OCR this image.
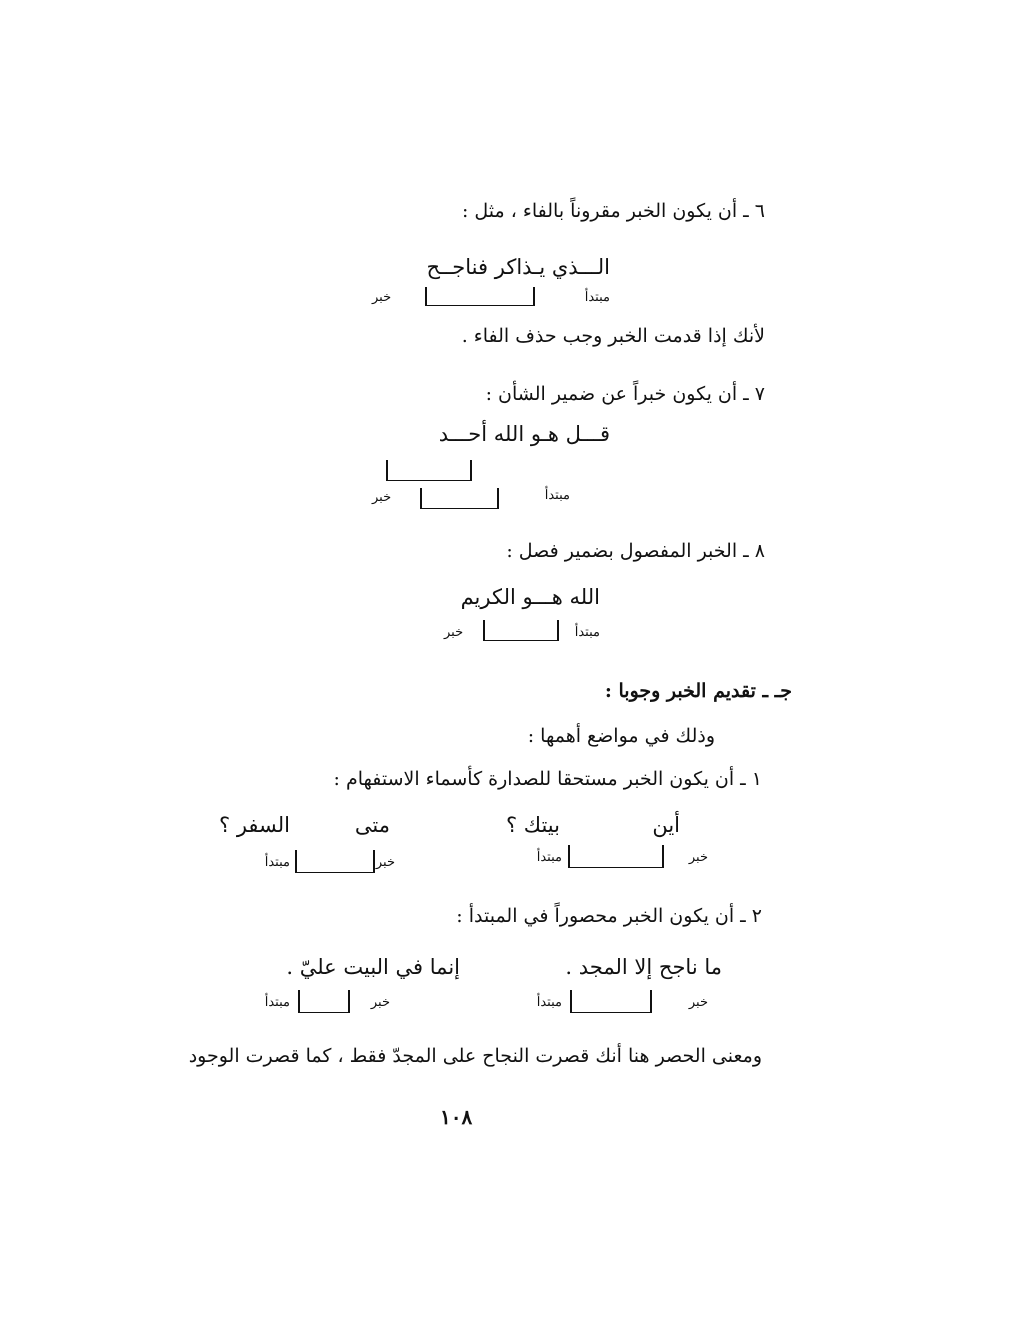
٦ ـ أن يكون الخبر مقروناً بالفاء ، مثل :
الـــذي يـذاكر فناجــح
مبتدأ
خبر
لأنك إذا قدمت الخبر وجب حذف الفاء .
٧ ـ أن يكون خبراً عن ضمير الشأن :
قـــل هـو الله أحـــد
مبتدأ
خبر
٨ ـ الخبر المفصول بضمير فصل :
الله هـــو الكريم
مبتدأ
خبر
جـ ـ تقديم الخبر وجوبا :
وذلك في مواضع أهمها :
١ ـ أن يكون الخبر مستحقا للصدارة كأسماء الاستفهام :
أين
بيتك ؟
خبر
مبتدأ
متى
السفر ؟
خبر
مبتدأ
٢ ـ أن يكون الخبر محصوراً في المبتدأ :
ما ناجح إلا المجد .
خبر
مبتدأ
إنما في البيت عليّ .
خبر
مبتدأ
ومعنى الحصر هنا أنك قصرت النجاح على المجدّ فقط ، كما قصرت الوجود
١٠٨
